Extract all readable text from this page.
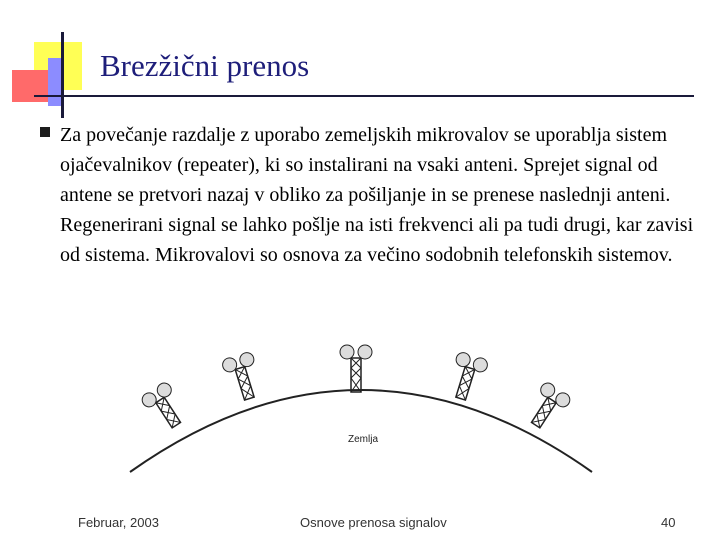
Brezžični prenos
Za povečanje razdalje z uporabo zemeljskih mikrovalov se uporablja sistem ojačevalnikov (repeater), ki so instalirani na vsaki anteni. Sprejet signal od antene se pretvori nazaj v obliko za pošiljanje in se prenese naslednji anteni. Regenerirani signal se lahko pošlje na isti frekvenci ali pa tudi drugi, kar zavisi od sistema. Mikrovalovi so osnova za večino sodobnih telefonskih sistemov.
Zemlja
Februar, 2003	Osnove prenosa signalov	40
